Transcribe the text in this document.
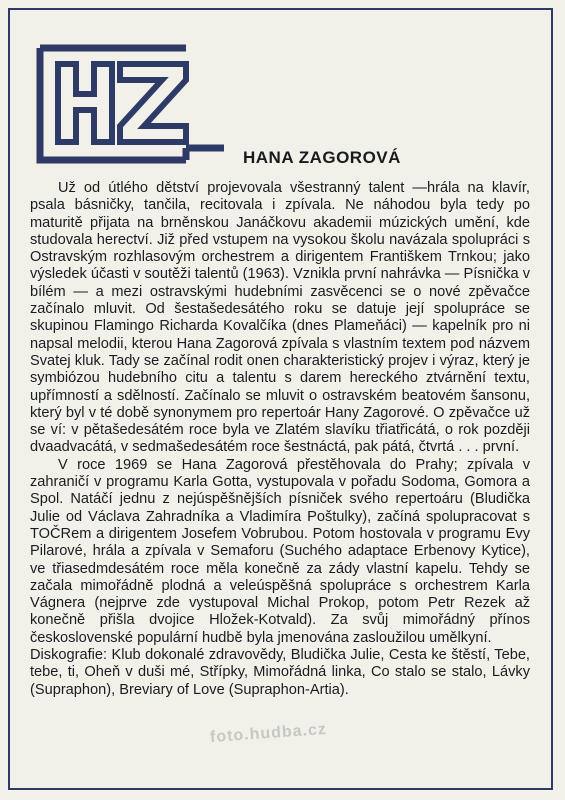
HANA ZAGOROVÁ

Už od útlého dětství projevovala všestranný talent —hrála na klavír, psala básničky, tančila, recitovala i zpívala. Ne náhodou byla tedy po maturitě přijata na brněnskou Janáčkovu akademii múzických umění, kde studovala herectví. Již před vstupem na vysokou školu navázala spolupráci s Ostravským rozhlasovým orchestrem a dirigentem Františkem Trnkou; jako výsledek účasti v soutěži talentů (1963). Vznikla první nahrávka — Písnička v bílém — a mezi ostravskými hudebními zasvěcenci se o nové zpěvačce začínalo mluvit. Od šestašedesátého roku se datuje její spolupráce se skupinou Flamingo Richarda Kovalčíka (dnes Plameňáci) — kapelník pro ni napsal melodii, kterou Hana Zagorová zpívala s vlastním textem pod názvem Svatej kluk. Tady se začínal rodit onen charakteristický projev i výraz, který je symbiózou hudebního citu a talentu s darem hereckého ztvárnění textu, upřímností a sdělností. Začínalo se mluvit o ostravském beatovém šansonu, který byl v té době synonymem pro repertoár Hany Zagorové. O zpěvačce už se ví: v pětašedesátém roce byla ve Zlatém slavíku třiatřicátá, o rok později dvaadvacátá, v sedmašedesátém roce šestnáctá, pak pátá, čtvrtá . . . první.

V roce 1969 se Hana Zagorová přestěhovala do Prahy; zpívala v zahraničí v programu Karla Gotta, vystupovala v pořadu Sodoma, Gomora a Spol. Natáčí jednu z nejúspěšnějších písniček svého repertoáru (Bludička Julie od Václava Zahradníka a Vladimíra Poštulky), začíná spolupracovat s TOČRem a dirigentem Josefem Vobrubou. Potom hostovala v programu Evy Pilarové, hrála a zpívala v Semaforu (Suchého adaptace Erbenovy Kytice), ve třiasedmdesátém roce měla konečně za zády vlastní kapelu. Tehdy se začala mimořádně plodná a veleúspěšná spolupráce s orchestrem Karla Vágnera (nejprve zde vystupoval Michal Prokop, potom Petr Rezek až konečně přišla dvojice Hložek-Kotvald). Za svůj mimořádný přínos československé populární hudbě byla jmenována zasloužilou umělkyní.

Diskografie: Klub dokonalé zdravovědy, Bludička Julie, Cesta ke štěstí, Tebe, tebe, ti, Oheň v duši mé, Střípky, Mimořádná linka, Co stalo se stalo, Lávky (Supraphon), Breviary of Love (Supraphon-Artia).

foto.hudba.cz
